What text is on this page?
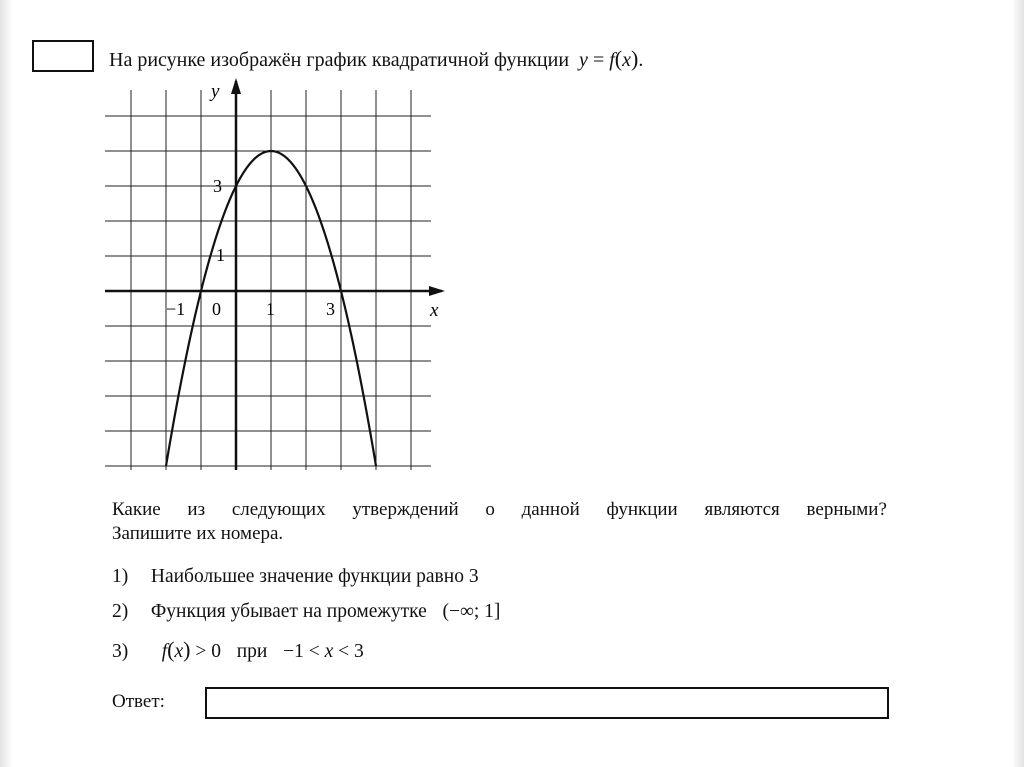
На рисунке изображён график квадратичной функции y = f(x).
y
x
3
1
−1 0	1	3
Какие из следующих утверждений о данной функции являются верными?
Запишите их номера.
1) Наибольшее значение функции равно 3
2) Функция убывает на промежутке (−∞; 1]
3) f(x) > 0 при −1 < x < 3
Ответ:
